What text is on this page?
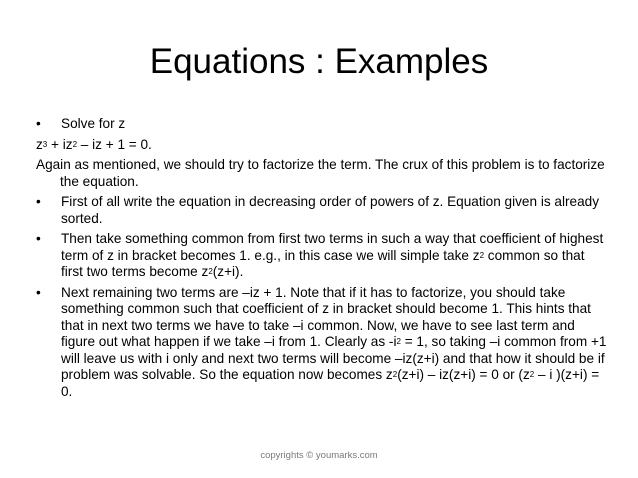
Equations : Examples
•	Solve for z
$z^3 + iz^2$ – iz + 1 = 0.
Again as mentioned, we should try to factorize the term. The crux of this problem is to factorize the equation.
•	First of all write the equation in decreasing order of powers of z. Equation given is already sorted.
•	Then take something common from first two terms in such a way that coefficient of highest term of z in bracket becomes 1. e.g., in this case we will simple take $z^2$ common so that first two terms become $z^2(z+i)$.
•	Next remaining two terms are –iz + 1. Note that if it has to factorize, you should take something common such that coefficient of z in bracket should become 1. This hints that that in next two terms we have to take –i common. Now, we have to see last term and figure out what happen if we take –i from 1. Clearly as $-i^2 = 1$, so taking –i common from +1 will leave us with i only and next two terms will become –iz(z+i) and that how it should be if problem was solvable. So the equation now becomes $z^2(z+i) - iz(z+i) = 0$ or ($z^2$ – i )(z+i) = 0.
copyrights © youmarks.com
